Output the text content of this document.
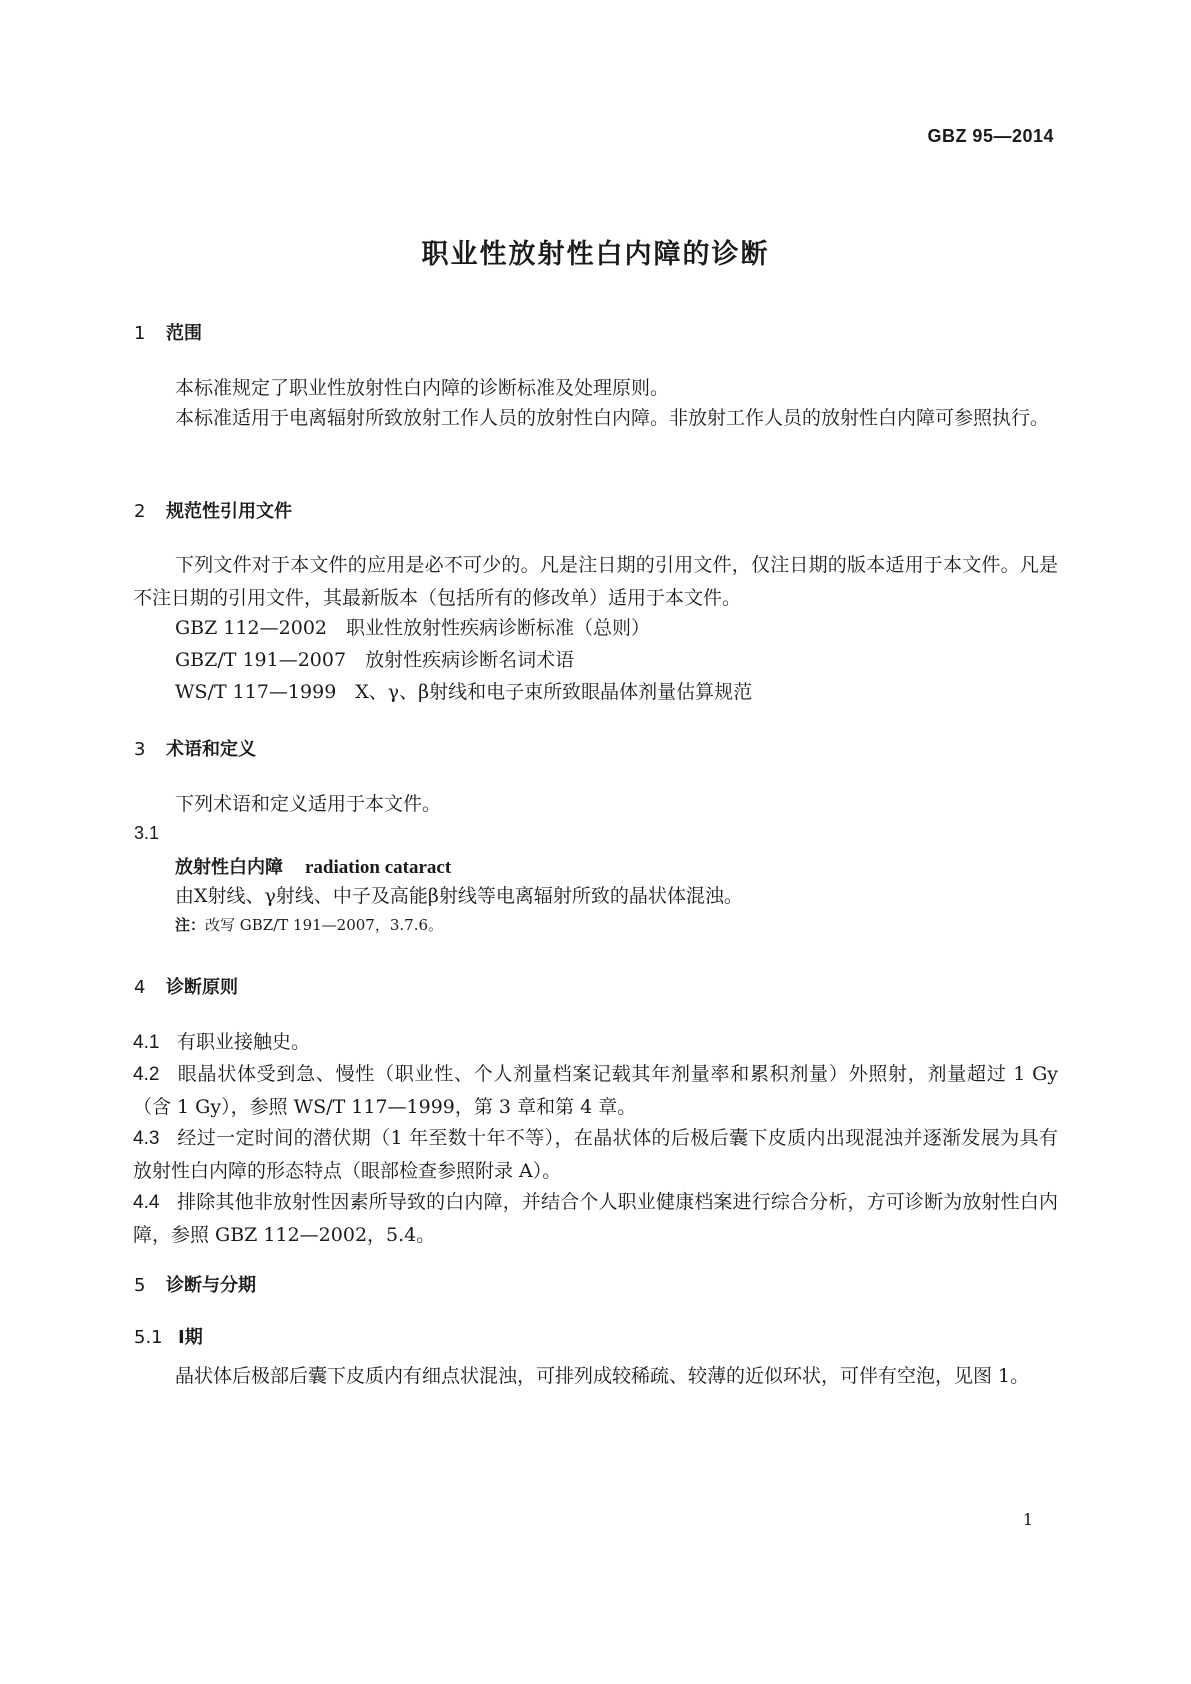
GBZ 95—2014
职业性放射性白内障的诊断
1 范围
本标准规定了职业性放射性白内障的诊断标准及处理原则。
本标准适用于电离辐射所致放射工作人员的放射性白内障。非放射工作人员的放射性白内障可参照执行。
2 规范性引用文件
下列文件对于本文件的应用是必不可少的。凡是注日期的引用文件，仅注日期的版本适用于本文件。凡是不注日期的引用文件，其最新版本（包括所有的修改单）适用于本文件。
GBZ 112—2002　职业性放射性疾病诊断标准（总则）
GBZ/T 191—2007　放射性疾病诊断名词术语
WS/T 117—1999　X、γ、β射线和电子束所致眼晶体剂量估算规范
3 术语和定义
下列术语和定义适用于本文件。
3.1
放射性白内障 radiation cataract
由X射线、γ射线、中子及高能β射线等电离辐射所致的晶状体混浊。
注：改写 GBZ/T 191—2007，3.7.6。
4 诊断原则
4.1 有职业接触史。
4.2 眼晶状体受到急、慢性（职业性、个人剂量档案记载其年剂量率和累积剂量）外照射，剂量超过 1 Gy（含 1 Gy），参照 WS/T 117—1999，第 3 章和第 4 章。
4.3 经过一定时间的潜伏期（1 年至数十年不等），在晶状体的后极后囊下皮质内出现混浊并逐渐发展为具有放射性白内障的形态特点（眼部检查参照附录 A）。
4.4 排除其他非放射性因素所导致的白内障，并结合个人职业健康档案进行综合分析，方可诊断为放射性白内障，参照 GBZ 112—2002，5.4。
5 诊断与分期
5.1 Ⅰ期
晶状体后极部后囊下皮质内有细点状混浊，可排列成较稀疏、较薄的近似环状，可伴有空泡，见图 1。
1
